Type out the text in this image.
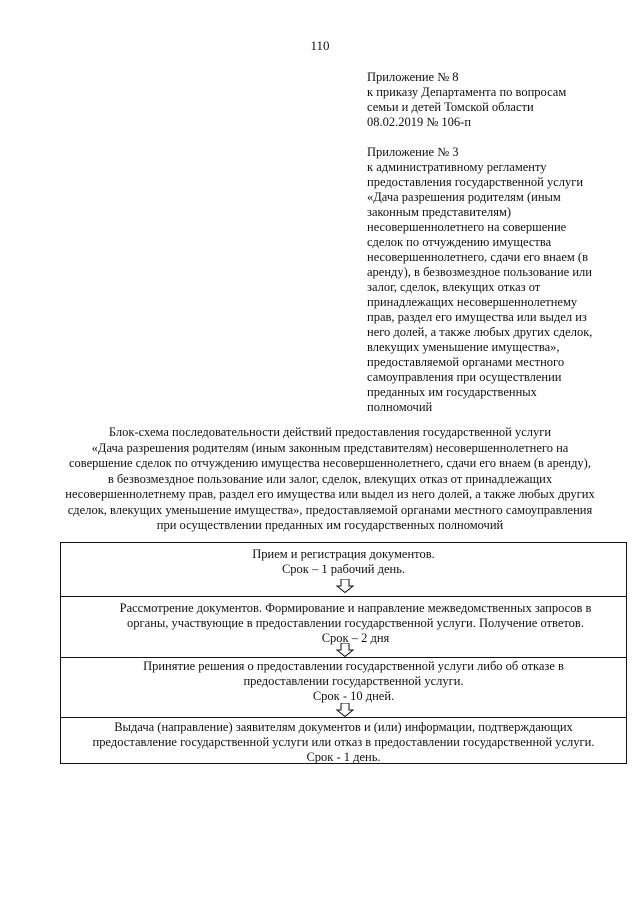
110
Приложение № 8
к приказу Департамента по вопросам
семьи и детей Томской области
08.02.2019 № 106-п
Приложение № 3
к административному регламенту
предоставления государственной услуги
«Дача разрешения родителям (иным
законным представителям)
несовершеннолетнего на совершение
сделок по отчуждению имущества
несовершеннолетнего, сдачи его внаем (в
аренду), в безвозмездное пользование или
залог, сделок, влекущих отказ от
принадлежащих несовершеннолетнему
прав, раздел его имущества или выдел из
него долей, а также любых других сделок,
влекущих уменьшение имущества»,
предоставляемой органами местного
самоуправления при осуществлении
преданных им государственных
полномочий
Блок-схема последовательности действий предоставления государственной услуги
«Дача разрешения родителям (иным законным представителям) несовершеннолетнего на
совершение сделок по отчуждению имущества несовершеннолетнего, сдачи его внаем (в аренду),
в безвозмездное пользование или залог, сделок, влекущих отказ от принадлежащих
несовершеннолетнему прав, раздел его имущества или выдел из него долей, а также любых других
сделок, влекущих уменьшение имущества», предоставляемой органами местного самоуправления
при осуществлении преданных им государственных полномочий
Прием и регистрация документов.
Срок – 1 рабочий день.
Рассмотрение документов. Формирование и направление межведомственных запросов в
органы, участвующие в предоставлении государственной услуги. Получение ответов.
Срок – 2 дня
Принятие решения о предоставлении государственной услуги либо об отказе в
предоставлении государственной услуги.
Срок - 10 дней.
Выдача (направление) заявителям документов и (или) информации, подтверждающих
предоставление государственной услуги или отказ в предоставлении государственной услуги.
Срок - 1 день.
